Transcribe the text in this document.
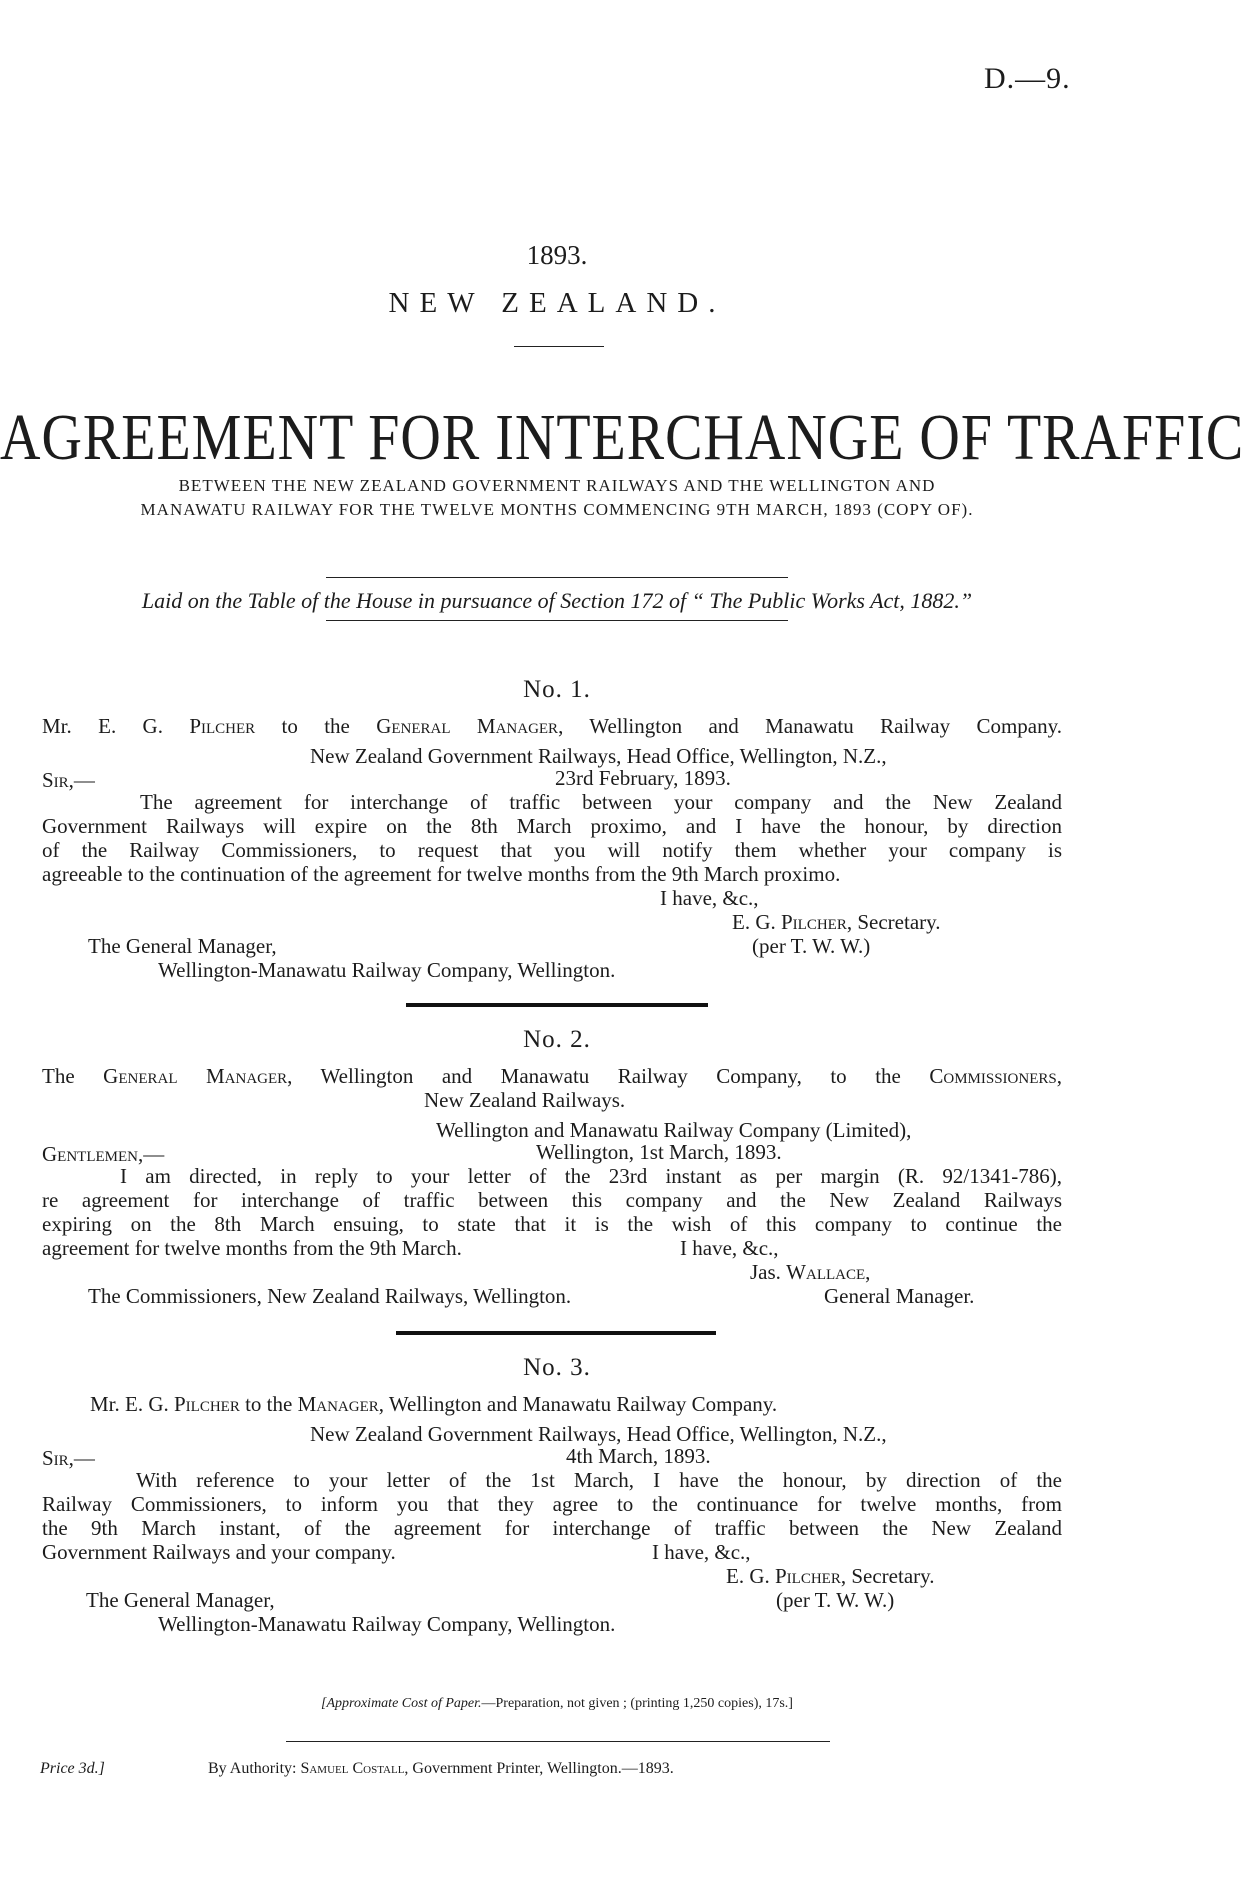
D.—9.
1893.
NEW ZEALAND.
AGREEMENT FOR INTERCHANGE OF TRAFFIC
BETWEEN THE NEW ZEALAND GOVERNMENT RAILWAYS AND THE WELLINGTON AND
MANAWATU RAILWAY FOR THE TWELVE MONTHS COMMENCING 9TH MARCH, 1893 (COPY OF).
Laid on the Table of the House in pursuance of Section 172 of “ The Public Works Act, 1882.”
No. 1.
Mr. E. G. Pilcher to the General Manager, Wellington and Manawatu Railway Company.
New Zealand Government Railways, Head Office, Wellington, N.Z.,
Sir,—	23rd February, 1893.
The agreement for interchange of traffic between your company and the New Zealand
Government Railways will expire on the 8th March proximo, and I have the honour, by direction
of the Railway Commissioners, to request that you will notify them whether your company is
agreeable to the continuation of the agreement for twelve months from the 9th March proximo.
I have, &c.,
E. G. Pilcher, Secretary.
The General Manager,	(per T. W. W.)
Wellington-Manawatu Railway Company, Wellington.
No. 2.
The General Manager, Wellington and Manawatu Railway Company, to the Commissioners,
New Zealand Railways.
Wellington and Manawatu Railway Company (Limited),
Gentlemen,—	Wellington, 1st March, 1893.
I am directed, in reply to your letter of the 23rd instant as per margin (R. 92/1341-786),
re agreement for interchange of traffic between this company and the New Zealand Railways
expiring on the 8th March ensuing, to state that it is the wish of this company to continue the
agreement for twelve months from the 9th March.	I have, &c.,
Jas. Wallace,
The Commissioners, New Zealand Railways, Wellington.	General Manager.
No. 3.
Mr. E. G. Pilcher to the Manager, Wellington and Manawatu Railway Company.
New Zealand Government Railways, Head Office, Wellington, N.Z.,
Sir,—	4th March, 1893.
With reference to your letter of the 1st March, I have the honour, by direction of the
Railway Commissioners, to inform you that they agree to the continuance for twelve months, from
the 9th March instant, of the agreement for interchange of traffic between the New Zealand
Government Railways and your company.	I have, &c.,
E. G. Pilcher, Secretary.
The General Manager,	(per T. W. W.)
Wellington-Manawatu Railway Company, Wellington.
[Approximate Cost of Paper.—Preparation, not given ; (printing 1,250 copies), 17s.]
Price 3d.]	By Authority: Samuel Costall, Government Printer, Wellington.—1893.
